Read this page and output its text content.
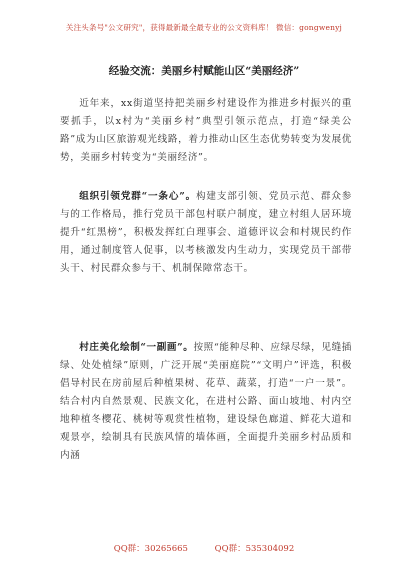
关注头条号"公文研究"，获得最新最全最专业的公文资料库！ 微信：gongwenyj
经验交流：美丽乡村赋能山区“美丽经济”

近年来，xx街道坚持把美丽乡村建设作为推进乡村振兴的重要抓手，以x村为“美丽乡村”典型引领示范点，打造“绿美公路”成为山区旅游观光线路，着力推动山区生态优势转变为发展优势，美丽乡村转变为“美丽经济”。

组织引领党群“一条心”。构建支部引领、党员示范、群众参与的工作格局，推行党员干部包村联户制度，建立村组人居环境提升“红黑榜”，积极发挥红白理事会、道德评议会和村规民约作用，通过制度管人促事，以考核激发内生动力，实现党员干部带头干、村民群众参与干、机制保障常态干。

村庄美化绘制“一副画”。按照“能种尽种、应绿尽绿，见缝插绿、处处植绿”原则，广泛开展“美丽庭院”“文明户”评选，积极倡导村民在房前屋后种植果树、花草、蔬菜，打造“一户一景”。结合村内自然景观、民族文化，在进村公路、面山坡地、村内空地种植冬樱花、桃树等观赏性植物，建设绿色廊道、鲜花大道和观景亭，绘制具有民族风情的墙体画，全面提升美丽乡村品质和内涵

QQ群：30265665	QQ群：535304092
